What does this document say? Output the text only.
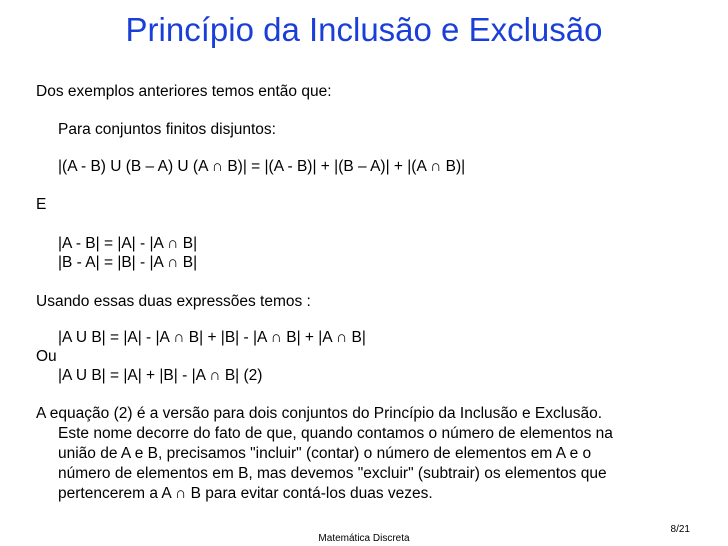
Princípio da Inclusão e Exclusão
Dos exemplos anteriores temos então que:
Para conjuntos finitos disjuntos:
|(A - B) U (B – A) U (A ∩ B)| = |(A - B)| + |(B – A)| + |(A ∩ B)|
E
|A - B| = |A| - |A ∩ B|
|B - A| = |B| - |A ∩ B|
Usando essas duas expressões temos :
|A U B| = |A| - |A ∩ B| + |B| - |A ∩ B| + |A ∩ B|
Ou
|A U B| = |A| + |B| - |A ∩ B| (2)
A equação (2) é a versão para dois conjuntos do Princípio da Inclusão e Exclusão.
Este nome decorre do fato de que, quando contamos o número de elementos na
união de A e B, precisamos "incluir" (contar) o número de elementos em A e o
número de elementos em B, mas devemos "excluir" (subtrair) os elementos que
pertencerem a A ∩ B para evitar contá-los duas vezes.
8/21
Matemática Discreta
